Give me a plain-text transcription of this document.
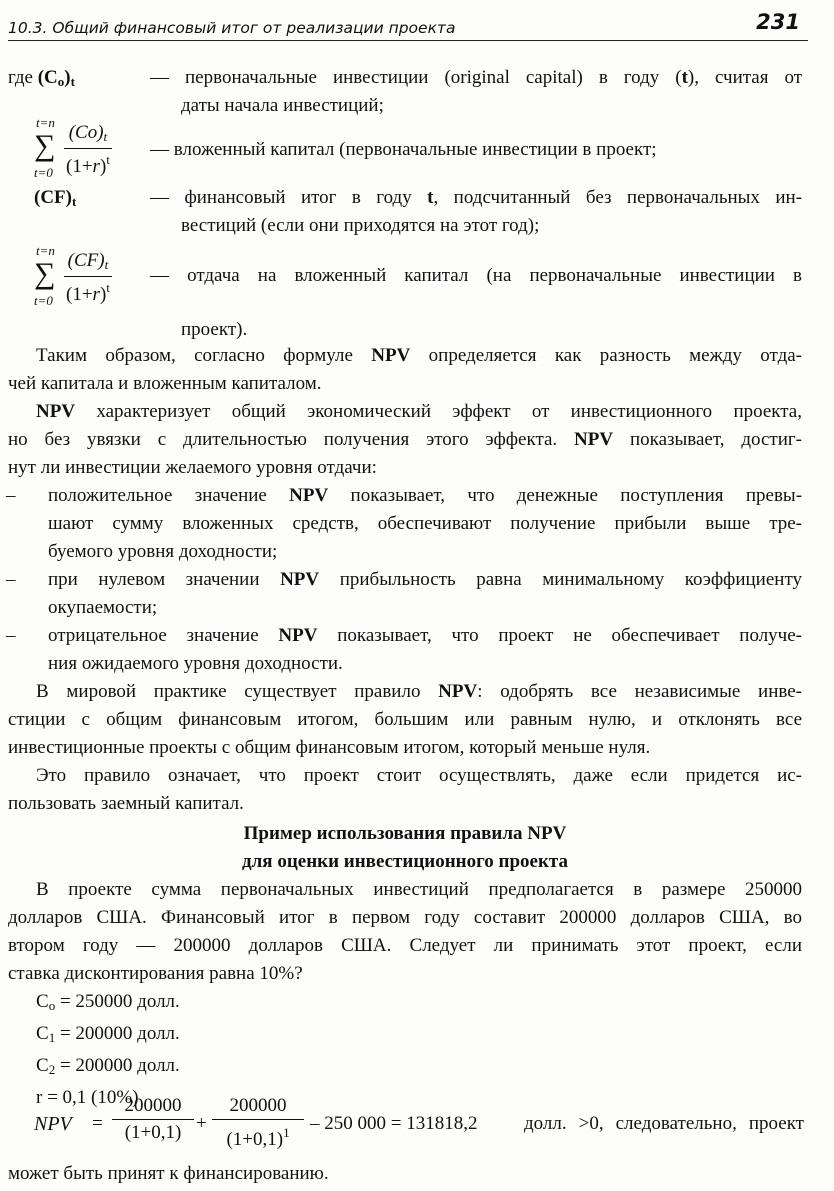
10.3. Общий финансовый итог от реализации проекта	231
где $(C_o)_t$	— первоначальные инвестиции (original capital) в году (t), считая от
даты начала инвестиций;
t=n
∑
t=0
$(Co)_t$
$(1+r)^t$ — вложенный капитал (первоначальные инвестиции в проект;
$(CF)_t$	— финансовый итог в году t, подсчитанный без первоначальных ин-
вестиций (если они приходятся на этот год);
t=n
∑
t=0
$(CF)_t$
$(1+r)^t$
— отдача на вложенный капитал (на первоначальные инвестиции в
проект).
Таким образом, согласно формуле NPV определяется как разность между отда-
чей капитала и вложенным капиталом.
NPV характеризует общий экономический эффект от инвестиционного проекта,
но без увязки с длительностью получения этого эффекта. NPV показывает, достиг-
нут ли инвестиции желаемого уровня отдачи:
– положительное значение NPV показывает, что денежные поступления превы-
шают сумму вложенных средств, обеспечивают получение прибыли выше тре-
буемого уровня доходности;
– при нулевом значении NPV прибыльность равна минимальному коэффициенту
окупаемости;
– отрицательное значение NPV показывает, что проект не обеспечивает получе-
ния ожидаемого уровня доходности.
В мировой практике существует правило NPV: одобрять все независимые инве-
стиции с общим финансовым итогом, большим или равным нулю, и отклонять все
инвестиционные проекты с общим финансовым итогом, который меньше нуля.
Это правило означает, что проект стоит осуществлять, даже если придется ис-
пользовать заемный капитал.
Пример использования правила NPV
для оценки инвестиционного проекта
В проекте сумма первоначальных инвестиций предполагается в размере 250000
долларов США. Финансовый итог в первом году составит 200000 долларов США, во
втором году — 200000 долларов США. Следует ли принимать этот проект, если
ставка дисконтирования равна 10%?
$C_o = 250000$ долл.
$C_1 = 200000$ долл.
$C_2 = 200000$ долл.
r = 0,1 (10%)
NPV =
200000
(1+0,1) +
200000
$(1+0,1)^1$	– 250 000 = 131818,2 долл. >0, следовательно, проект
может быть принят к финансированию.
